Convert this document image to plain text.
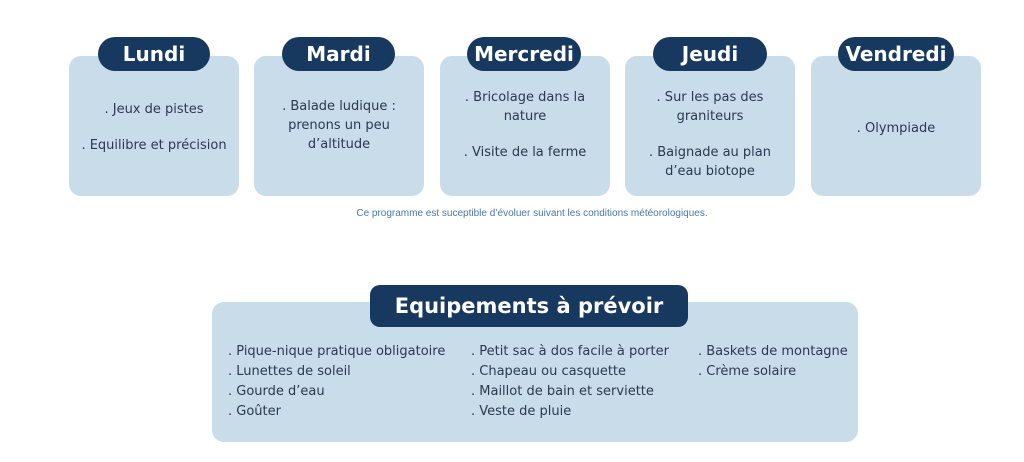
. Jeux de pistes
. Equilibre et précision
Lundi
. Balade ludique :
prenons un peu
d’altitude
Mardi
. Bricolage dans la
nature
. Visite de la ferme
Mercredi
. Sur les pas des
graniteurs
. Baignade au plan
d’eau biotope
Jeudi
. Olympiade
Vendredi
Ce programme est suceptible d’évoluer suivant les conditions météorologiques.
Equipements à prévoir
. Pique-nique pratique obligatoire
. Lunettes de soleil
. Gourde d’eau
. Goûter
. Petit sac à dos facile à porter
. Chapeau ou casquette
. Maillot de bain et serviette
. Veste de pluie
. Baskets de montagne
. Crème solaire
